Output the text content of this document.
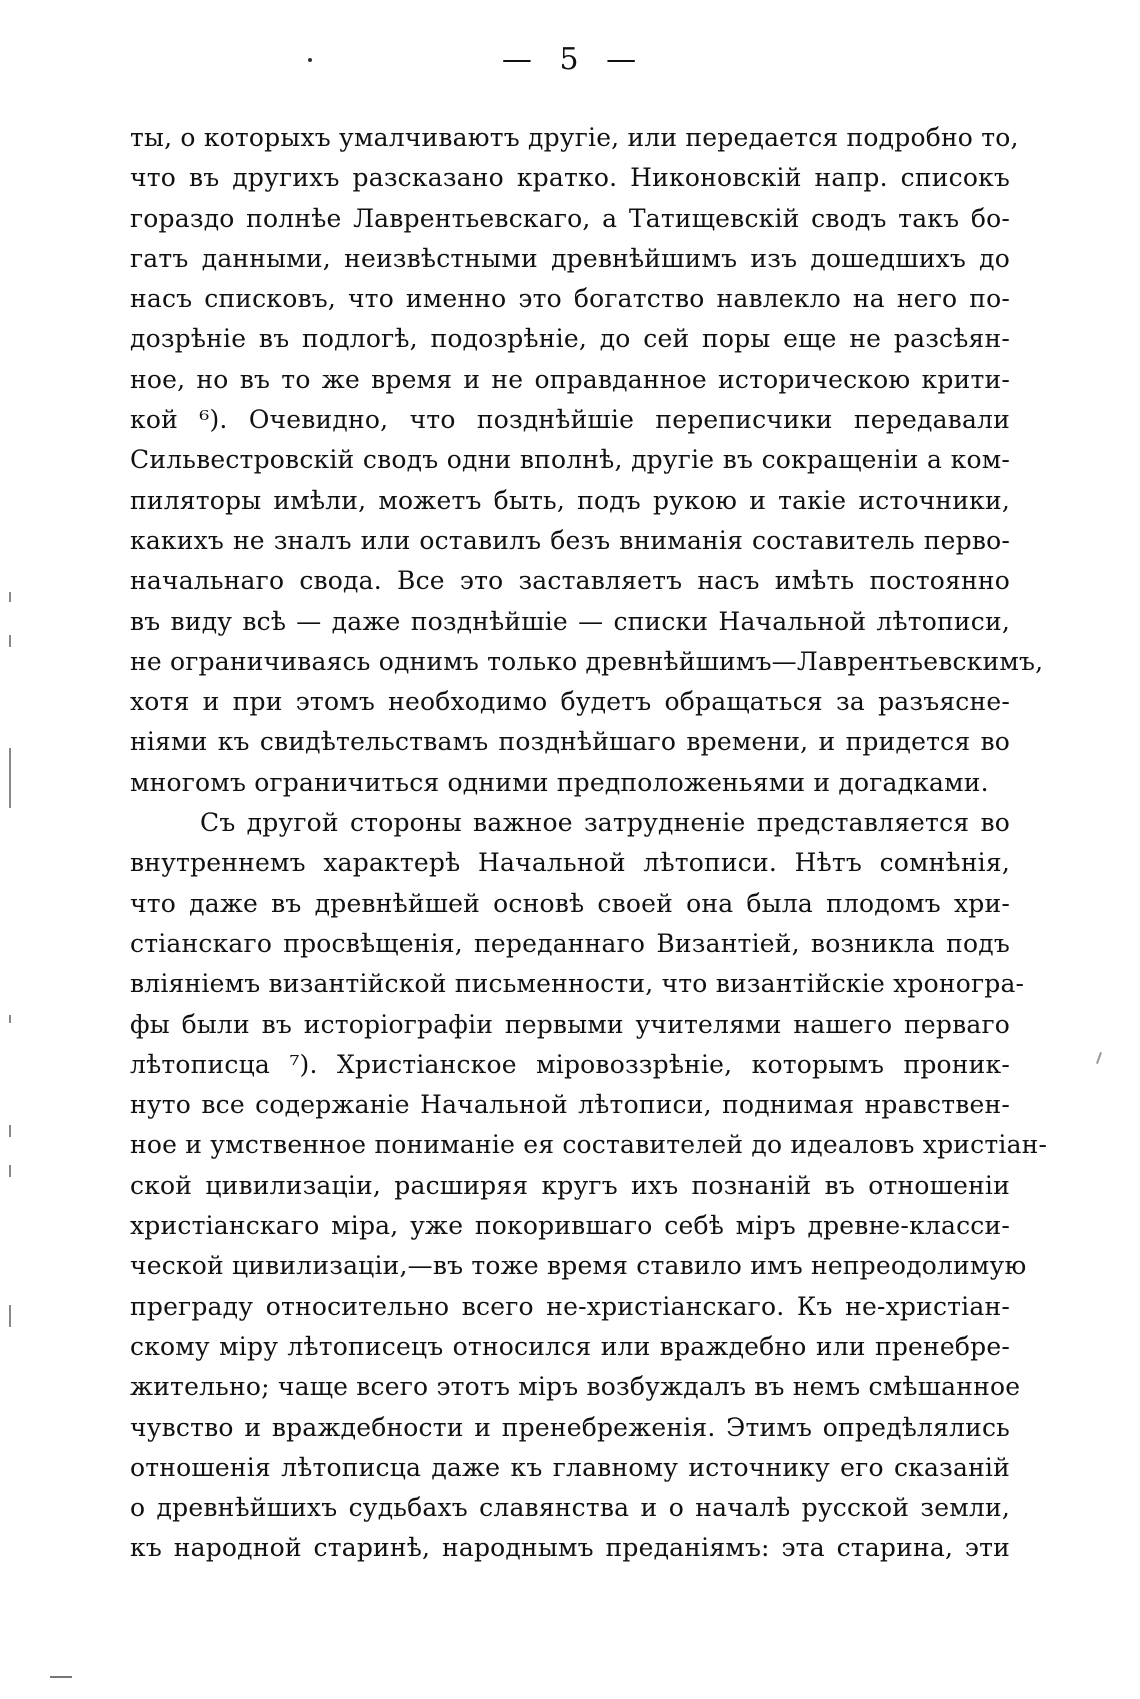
— 5 —
ты, о которыхъ умалчиваютъ другіе, или передается подробно то,
что въ другихъ разсказано кратко. Никоновскій напр. списокъ
гораздо полнѣе Лаврентьевскаго, а Татищевскій сводъ такъ бо-
гатъ данными, неизвѣстными древнѣйшимъ изъ дошедшихъ до
насъ списковъ, что именно это богатство навлекло на него по-
дозрѣніе въ подлогѣ, подозрѣніе, до сей поры еще не разсѣян-
ное, но въ то же время и не оправданное историческою крити-
кой ⁶). Очевидно, что позднѣйшіе переписчики передавали
Сильвестровскій сводъ одни вполнѣ, другіе въ сокращеніи а ком-
пиляторы имѣли, можетъ быть, подъ рукою и такіе источники,
какихъ не зналъ или оставилъ безъ вниманія составитель перво-
начальнаго свода. Все это заставляетъ насъ имѣть постоянно
въ виду всѣ — даже позднѣйшіе — списки Начальной лѣтописи,
не ограничиваясь однимъ только древнѣйшимъ—Лаврентьевскимъ,
хотя и при этомъ необходимо будетъ обращаться за разъясне-
ніями къ свидѣтельствамъ позднѣйшаго времени, и придется во
многомъ ограничиться одними предположеньями и догадками.
Съ другой стороны важное затрудненіе представляется во
внутреннемъ характерѣ Начальной лѣтописи. Нѣтъ сомнѣнія,
что даже въ древнѣйшей основѣ своей она была плодомъ хри-
стіанскаго просвѣщенія, переданнаго Византіей, возникла подъ
вліяніемъ византійской письменности, что византійскіе хроногра-
фы были въ исторіографіи первыми учителями нашего перваго
лѣтописца ⁷). Христіанское міровоззрѣніе, которымъ проник-
нуто все содержаніе Начальной лѣтописи, поднимая нравствен-
ное и умственное пониманіе ея составителей до идеаловъ христіан-
ской цивилизаціи, расширяя кругъ ихъ познаній въ отношеніи
христіанскаго міра, уже покорившаго себѣ міръ древне-класси-
ческой цивилизаціи,—въ тоже время ставило имъ непреодолимую
преграду относительно всего не-христіанскаго. Къ не-христіан-
скому міру лѣтописецъ относился или враждебно или пренебре-
жительно; чаще всего этотъ міръ возбуждалъ въ немъ смѣшанное
чувство и враждебности и пренебреженія. Этимъ опредѣлялись
отношенія лѣтописца даже къ главному источнику его сказаній
о древнѣйшихъ судьбахъ славянства и о началѣ русской земли,
къ народной старинѣ, народнымъ преданіямъ: эта старина, эти
